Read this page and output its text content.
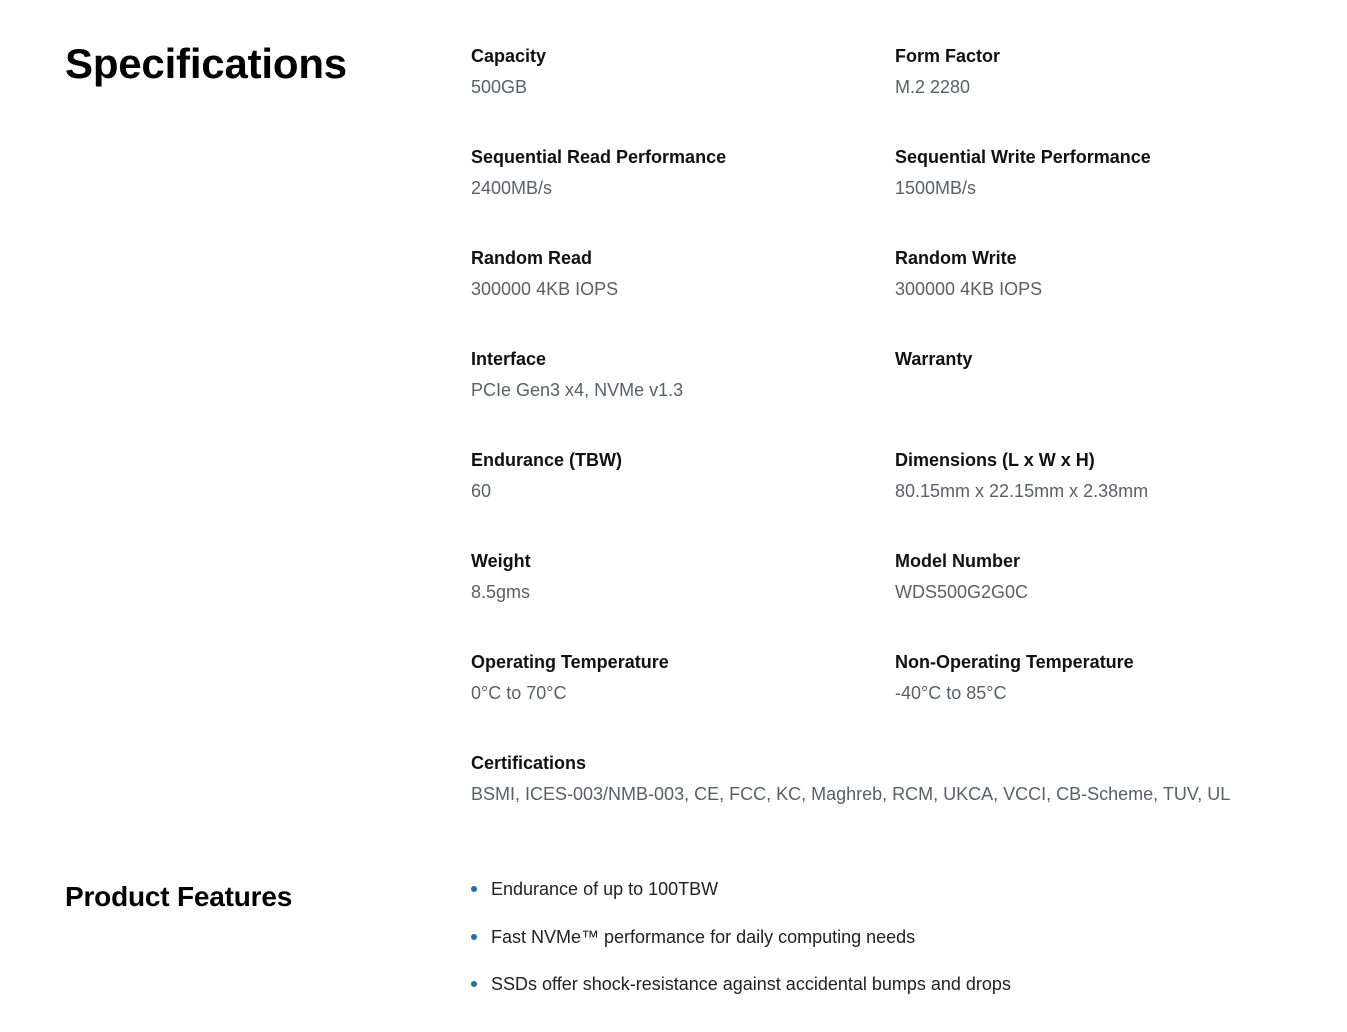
Specifications	Capacity
500GB
Form Factor
M.2 2280
Sequential Read Performance
2400MB/s
Sequential Write Performance
1500MB/s
Random Read
300000 4KB IOPS
Random Write
300000 4KB IOPS
Interface
PCIe Gen3 x4, NVMe v1.3
Warranty
Endurance (TBW)
60
Dimensions (L x W x H)
80.15mm x 22.15mm x 2.38mm
Weight
8.5gms
Model Number
WDS500G2G0C
Operating Temperature
0°C to 70°C
Non-Operating Temperature
-40°C to 85°C
Certifications
BSMI, ICES-003/NMB-003, CE, FCC, KC, Maghreb, RCM, UKCA, VCCI, CB-Scheme, TUV, UL
Product Features	Endurance of up to 100TBW
Fast NVMe™ performance for daily computing needs
SSDs offer shock-resistance against accidental bumps and drops
